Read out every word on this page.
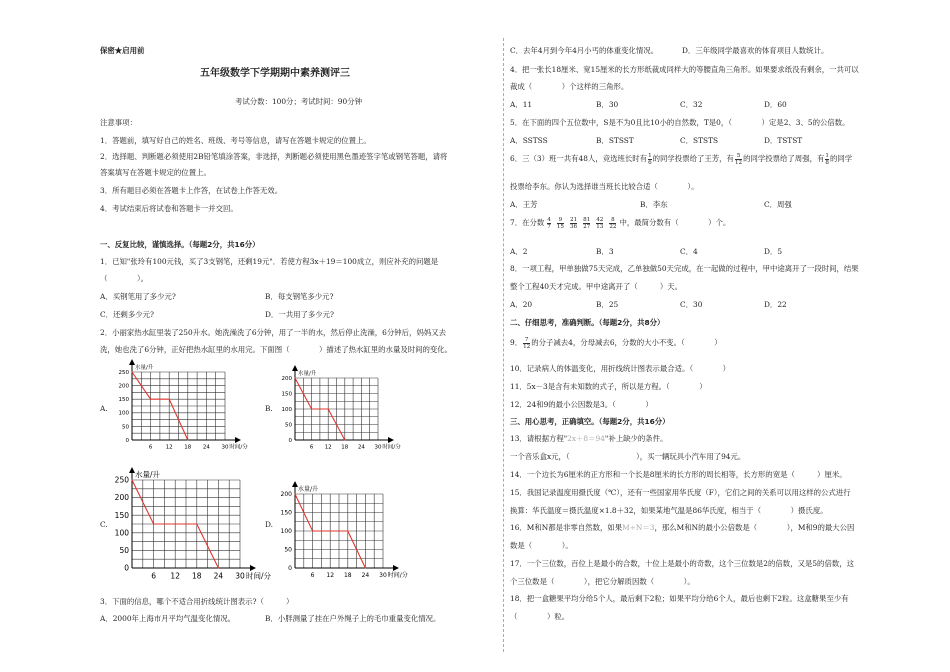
保密★启用前
五年级数学下学期期中素养测评三
考试分数：100分；考试时间：90分钟
注意事项：
1．答题前，填写好自己的姓名、班级、考号等信息，请写在答题卡规定的位置上。
2．选择题、判断题必须使用2B铅笔填涂答案，非选择，判断题必须使用黑色墨迹签字笔或钢笔答题，请将
答案填写在答题卡规定的位置上。
3．所有题目必须在答题卡上作答，在试卷上作答无效。
4．考试结束后将试卷和答题卡一并交回。
一、反复比较，谨慎选择。（每题2分，共16分）
1．已知"张玲有100元钱，买了3支钢笔，还剩19元"．若使方程3x＋19＝100成立，则应补充的问题是
（　　　　）。
A．买钢笔用了多少元?	B．每支钢笔多少元?
C．还剩多少元?	D．一共用了多少元?
2．小丽家热水缸里装了250升水。她洗澡洗了6分钟，用了一半的水，然后停止洗澡，6分钟后，妈妈又去
洗，她也洗了6分钟，正好把热水缸里的水用完。下面图（　　　　）描述了热水缸里的水量及时间的变化。
A.
0
50
100
150
200
250
6 12 18 24 30 时间/分
水量/升
B.
0
50
100
150
200
6 12 18 24 30 时间/分
水量/升
C.
0
50
100
150
200
250
6 12 18 24 30 时间/分
水量/升
D.
0
50
100
150
200
6 12 18 24 30 时间/分
水量/升
3．下面的信息，哪个不适合用折线统计图表示?（　　　）
A．2000年上海市月平均气温变化情况。	B．小胖测量了挂在户外绳子上的毛巾重量变化情况。
C．去年4月到今年4月小丐的体重变化情况。	D．三年级同学最喜欢的体育项目人数统计。
4．把一张长18厘米、宽15厘米的长方形纸裁成同样大的等腰直角三角形。如果要求纸没有剩余，一共可以
裁成（　　　　）个这样的三角形。
A．11	B．30	C．32	D．60
5．在下面的四个五位数中，S是不为0且比10小的自然数，T是0，（　　　　）定是2、3、5的公倍数。
A．SSTSS	B．STSST	C．STSTS	D．TSTST
6．三（3）班一共有48人，竞选班长时有 $\frac{1}{6}$ 的同学投票给了王芳，有 $\frac{5}{12}$ 的同学投票给了周强，有 $\frac{1}{8}$ 的同学
投票给李东。你认为选择谁当班长比较合适（　　　　）。
A．王芳	B．李东	C．周强
7．在分数 $\frac{4}{7} \frac{9}{15} \frac{21}{36} \frac{81}{27} \frac{42}{13} \frac{8}{22}$ 中，最简分数有（　　　　）个。
A．2	B．3	C．4	D．5
8．一项工程，甲单独做75天完成，乙单独做50天完成，在一起做的过程中，甲中途离开了一段时间，结果
整个工程40天才完成。甲中途离开了（　　　）天。
A．20	B．25	C．30	D．22
二、仔细思考，准确判断。（每题2分，共8分）
9． $\frac{7}{12}$ 的分子减去4，分母减去6，分数的大小不变。（　　　　）
10．记录病人的体温变化，用折线统计图表示最合适。（　　　　）
11．5x－3是含有未知数的式子，所以是方程。（　　　　）
12．24和9的最小公因数是3。（　　　　）
三、用心思考，正确填空。（每题2分，共16分）
13．请根据方程"2x＋8＝94"补上缺少的条件。
一个音乐盒x元，（　　　　　　　　　），买一辆玩具小汽车用了94元。
14．一个边长为6厘米的正方形和一个长是8厘米的长方形的周长相等，长方形的宽是（　　　）厘米。
15．我国记录温度用摄氏度（℃），还有一些国家用华氏度（F），它们之间的关系可以用这样的公式进行
换算：华氏温度＝摄氏温度×1.8＋32，如果某地气温是86华氏度，相当于（　　　　）摄氏度。
16．M和N都是非零自然数，如果M÷N＝3，那么M和N的最小公倍数是（　　　　），M和9的最大公因
数是（　　　　）。
17．一个三位数，百位上是最小的合数，十位上是最小的奇数，这个三位数是2的倍数，又是5的倍数，这
个三位数是（　　　　），把它分解质因数（　　　　）。
18．把一盒糖果平均分给5个人，最后剩下2粒；如果平均分给6个人，最后也剩下2粒。这盒糖果至少有
（　　　　）粒。
